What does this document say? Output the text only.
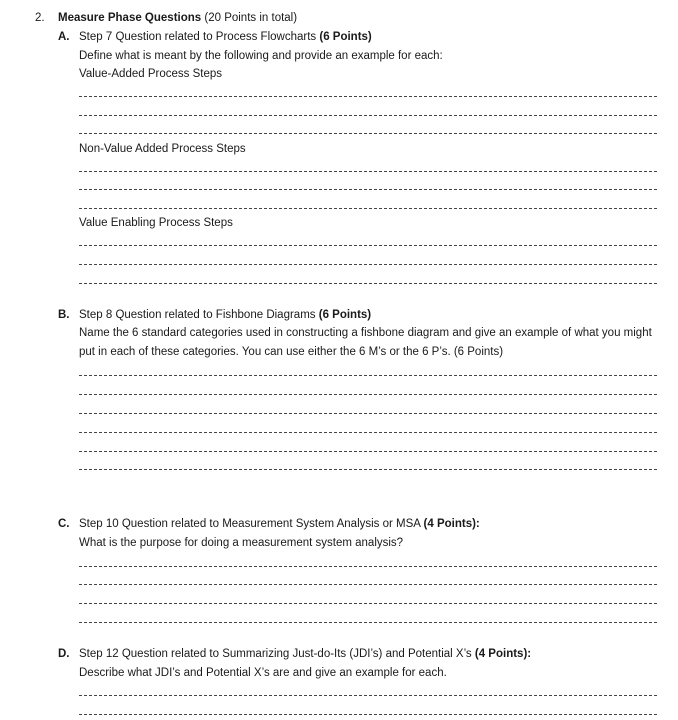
2. Measure Phase Questions (20 Points in total)
A. Step 7 Question related to Process Flowcharts (6 Points)
Define what is meant by the following and provide an example for each:
Value-Added Process Steps
Non-Value Added Process Steps
Value Enabling Process Steps
B. Step 8 Question related to Fishbone Diagrams (6 Points)
Name the 6 standard categories used in constructing a fishbone diagram and give an example of what you might put in each of these categories. You can use either the 6 M’s or the 6 P’s. (6 Points)
C. Step 10 Question related to Measurement System Analysis or MSA (4 Points):
What is the purpose for doing a measurement system analysis?
D. Step 12 Question related to Summarizing Just-do-Its (JDI’s) and Potential X’s (4 Points):
Describe what JDI’s and Potential X’s are and give an example for each.
